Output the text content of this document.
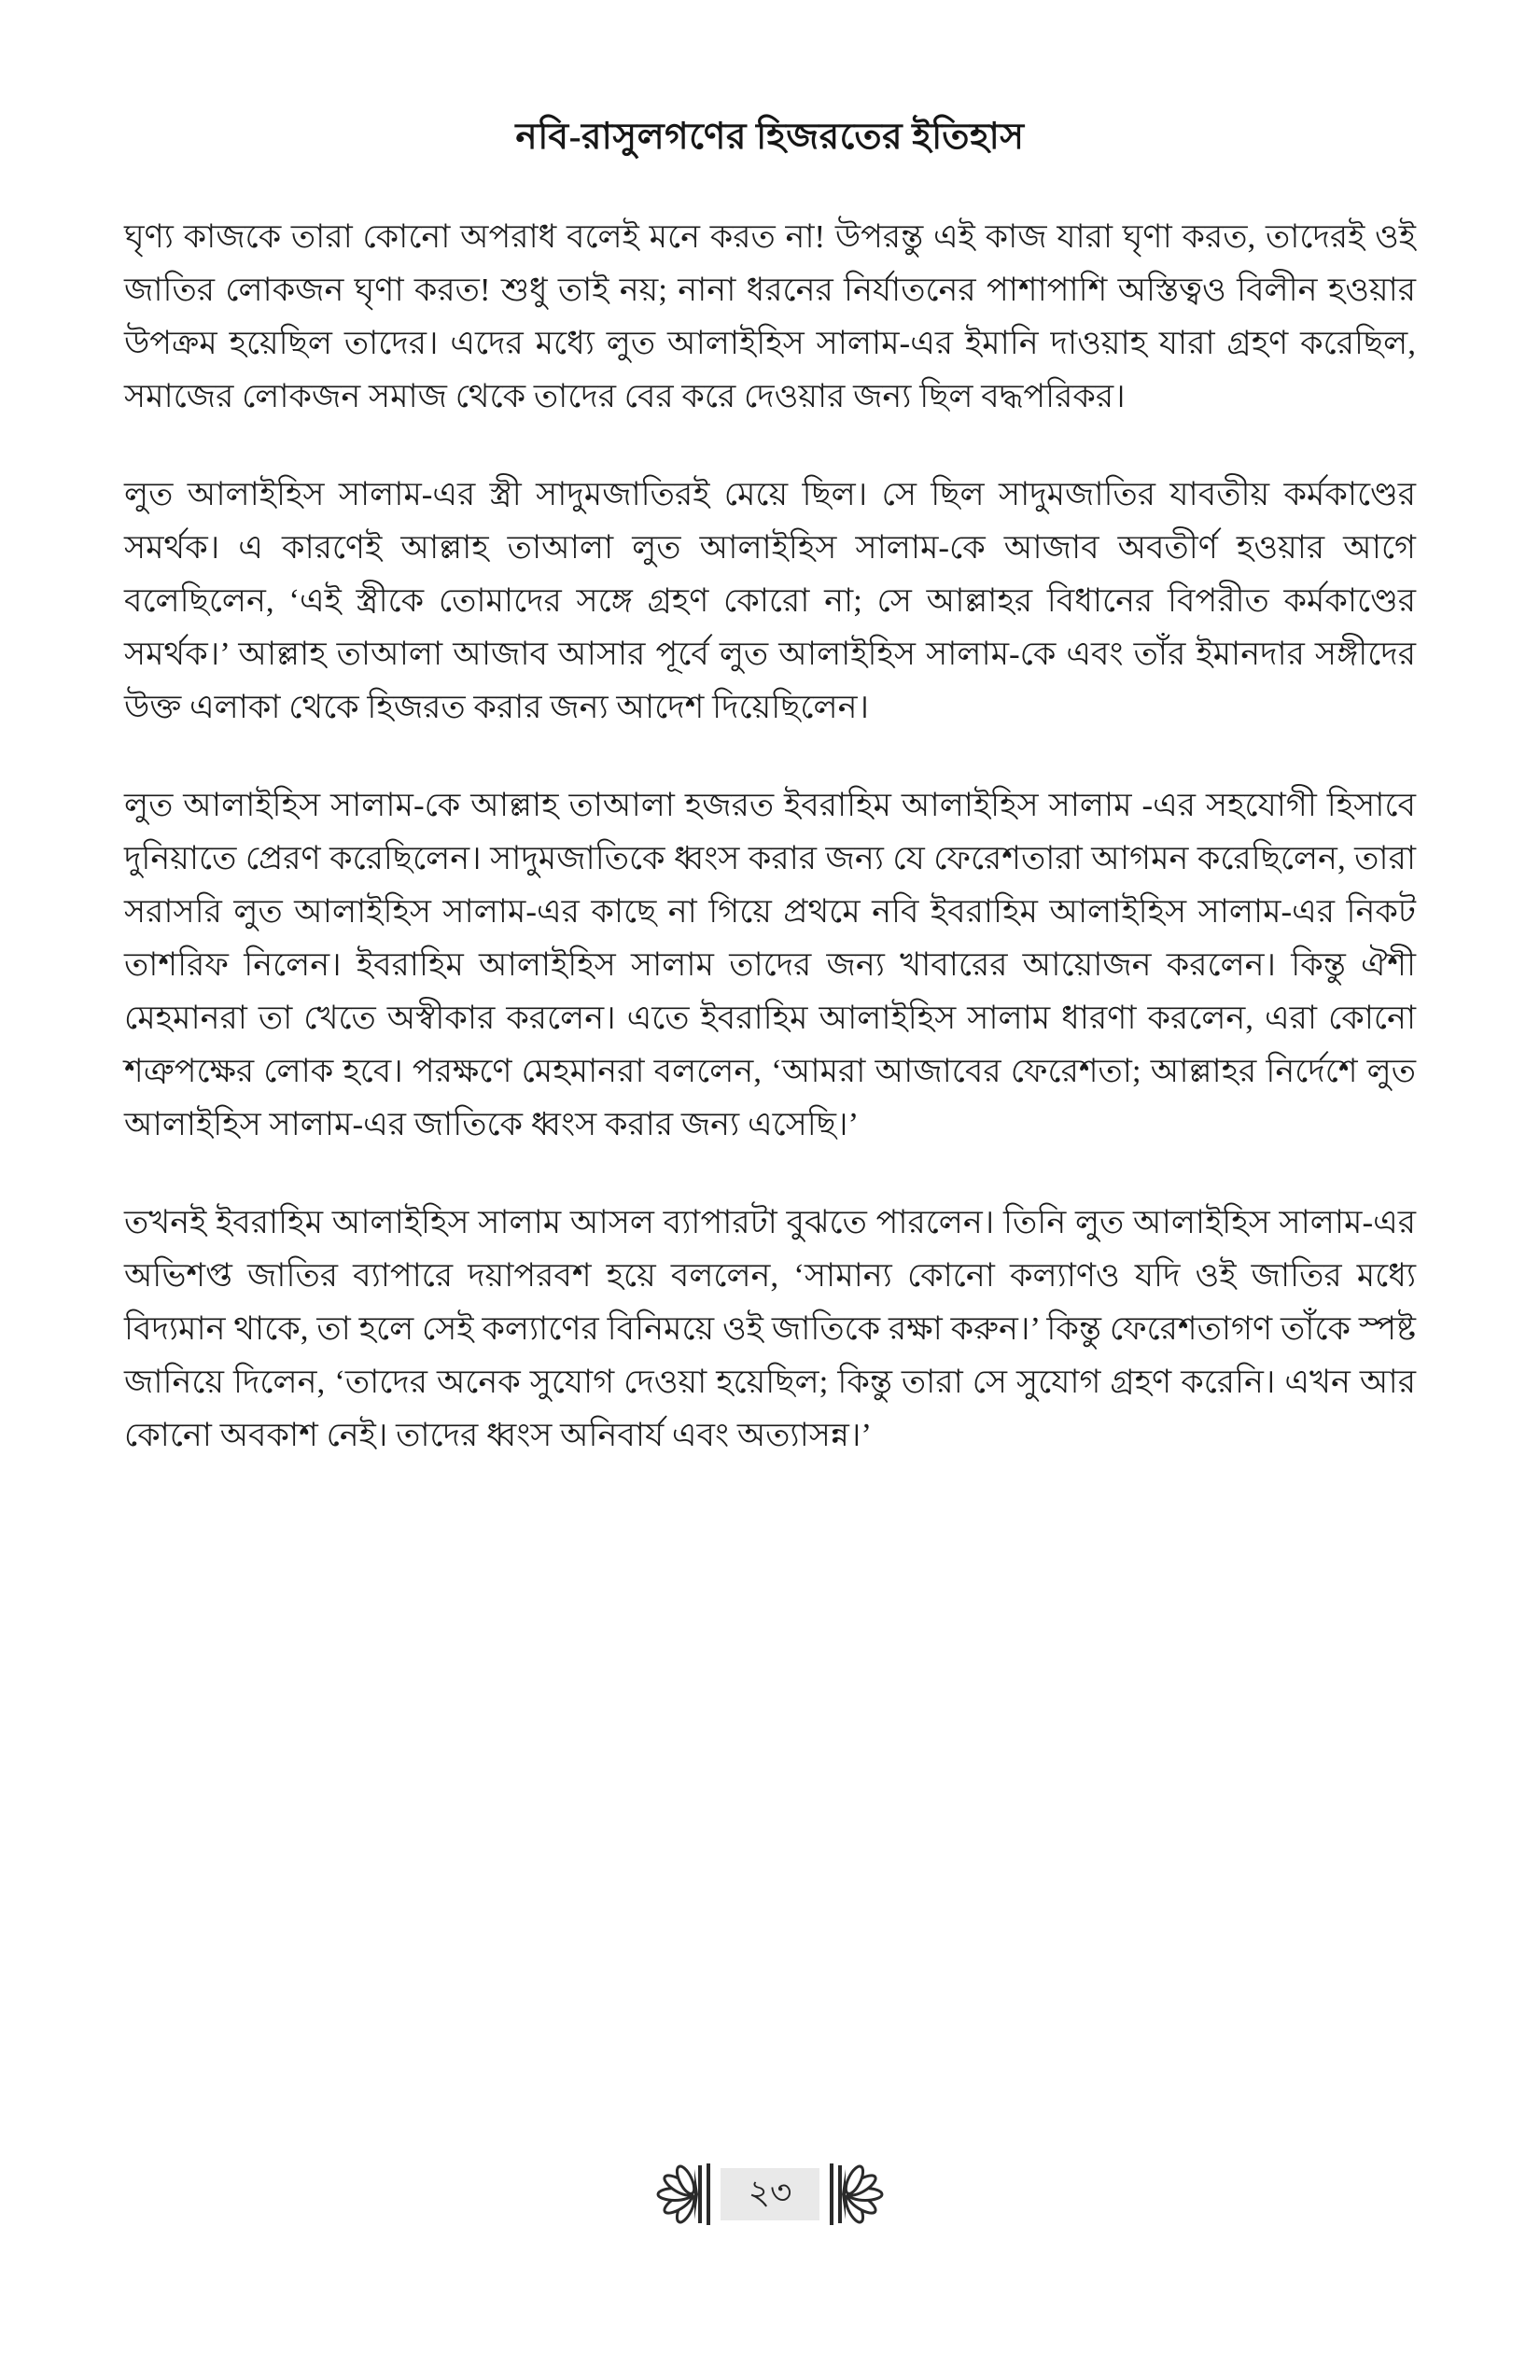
নবি-রাসুলগণের হিজরতের ইতিহাস

ঘৃণ্য কাজকে তারা কোনো অপরাধ বলেই মনে করত না! উপরন্তু এই কাজ যারা ঘৃণা করত, তাদেরই ওই জাতির লোকজন ঘৃণা করত! শুধু তাই নয়; নানা ধরনের নির্যাতনের পাশাপাশি অস্তিত্বও বিলীন হওয়ার উপক্রম হয়েছিল তাদের। এদের মধ্যে লুত আলাইহিস সালাম-এর ইমানি দাওয়াহ যারা গ্রহণ করেছিল, সমাজের লোকজন সমাজ থেকে তাদের বের করে দেওয়ার জন্য ছিল বদ্ধপরিকর।

লুত আলাইহিস সালাম-এর স্ত্রী সাদুমজাতিরই মেয়ে ছিল। সে ছিল সাদুমজাতির যাবতীয় কর্মকাণ্ডের সমর্থক। এ কারণেই আল্লাহ তাআলা লুত আলাইহিস সালাম-কে আজাব অবতীর্ণ হওয়ার আগে বলেছিলেন, ‘এই স্ত্রীকে তোমাদের সঙ্গে গ্রহণ কোরো না; সে আল্লাহর বিধানের বিপরীত কর্মকাণ্ডের সমর্থক।’ আল্লাহ তাআলা আজাব আসার পূর্বে লুত আলাইহিস সালাম-কে এবং তাঁর ইমানদার সঙ্গীদের উক্ত এলাকা থেকে হিজরত করার জন্য আদেশ দিয়েছিলেন।

লুত আলাইহিস সালাম-কে আল্লাহ তাআলা হজরত ইবরাহিম আলাইহিস সালাম -এর সহযোগী হিসাবে দুনিয়াতে প্রেরণ করেছিলেন। সাদুমজাতিকে ধ্বংস করার জন্য যে ফেরেশতারা আগমন করেছিলেন, তারা সরাসরি লুত আলাইহিস সালাম-এর কাছে না গিয়ে প্রথমে নবি ইবরাহিম আলাইহিস সালাম-এর নিকট তাশরিফ নিলেন। ইবরাহিম আলাইহিস সালাম তাদের জন্য খাবারের আয়োজন করলেন। কিন্তু ঐশী মেহমানরা তা খেতে অস্বীকার করলেন। এতে ইবরাহিম আলাইহিস সালাম ধারণা করলেন, এরা কোনো শত্রুপক্ষের লোক হবে। পরক্ষণে মেহমানরা বললেন, ‘আমরা আজাবের ফেরেশতা; আল্লাহর নির্দেশে লুত আলাইহিস সালাম-এর জাতিকে ধ্বংস করার জন্য এসেছি।’

তখনই ইবরাহিম আলাইহিস সালাম আসল ব্যাপারটা বুঝতে পারলেন। তিনি লুত আলাইহিস সালাম-এর অভিশপ্ত জাতির ব্যাপারে দয়াপরবশ হয়ে বললেন, ‘সামান্য কোনো কল্যাণও যদি ওই জাতির মধ্যে বিদ্যমান থাকে, তা হলে সেই কল্যাণের বিনিময়ে ওই জাতিকে রক্ষা করুন।’ কিন্তু ফেরেশতাগণ তাঁকে স্পষ্ট জানিয়ে দিলেন, ‘তাদের অনেক সুযোগ দেওয়া হয়েছিল; কিন্তু তারা সে সুযোগ গ্রহণ করেনি। এখন আর কোনো অবকাশ নেই। তাদের ধ্বংস অনিবার্য এবং অত্যাসন্ন।’

২৩
